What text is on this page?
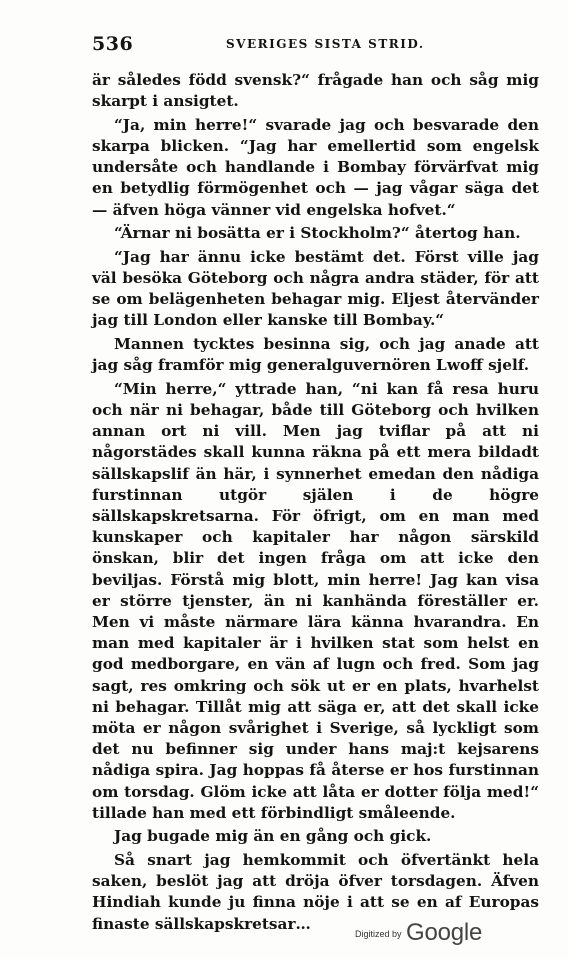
536	SVERIGES SISTA STRID.

är således född svensk?“ frågade han och såg mig skarpt i ansigtet.

“Ja, min herre!“ svarade jag och besvarade den skarpa blicken. “Jag har emellertid som engelsk undersåte och handlande i Bombay förvärfvat mig en betydlig förmögenhet och — jag vågar säga det — äfven höga vänner vid engelska hofvet.“

“Ärnar ni bosätta er i Stockholm?“ återtog han.

“Jag har ännu icke bestämt det. Först ville jag väl besöka Göteborg och några andra städer, för att se om belägenheten behagar mig. Eljest återvänder jag till London eller kanske till Bombay.“

Mannen tycktes besinna sig, och jag anade att jag såg framför mig generalguvernören Lwoff sjelf.

“Min herre,“ yttrade han, “ni kan få resa huru och när ni behagar, både till Göteborg och hvilken annan ort ni vill. Men jag tviflar på att ni någorstädes skall kunna räkna på ett mera bildadt sällskapslif än här, i synnerhet emedan den nådiga furstinnan utgör själen i de högre sällskapskretsarna. För öfrigt, om en man med kunskaper och kapitaler har någon särskild önskan, blir det ingen fråga om att icke den beviljas. Förstå mig blott, min herre! Jag kan visa er större tjenster, än ni kanhända föreställer er. Men vi måste närmare lära känna hvarandra. En man med kapitaler är i hvilken stat som helst en god medborgare, en vän af lugn och fred. Som jag sagt, res omkring och sök ut er en plats, hvarhelst ni behagar. Tillåt mig att säga er, att det skall icke möta er någon svårighet i Sverige, så lyckligt som det nu befinner sig under hans maj:t kejsarens nådiga spira. Jag hoppas få återse er hos furstinnan om torsdag. Glöm icke att låta er dotter följa med!“ tillade han med ett förbindligt småleende.

Jag bugade mig än en gång och gick.

Så snart jag hemkommit och öfvertänkt hela saken, beslöt jag att dröja öfver torsdagen. Äfven Hindiah kunde ju finna nöje i att se en af Europas finaste sällskapskretsar…

Digitized by Google
